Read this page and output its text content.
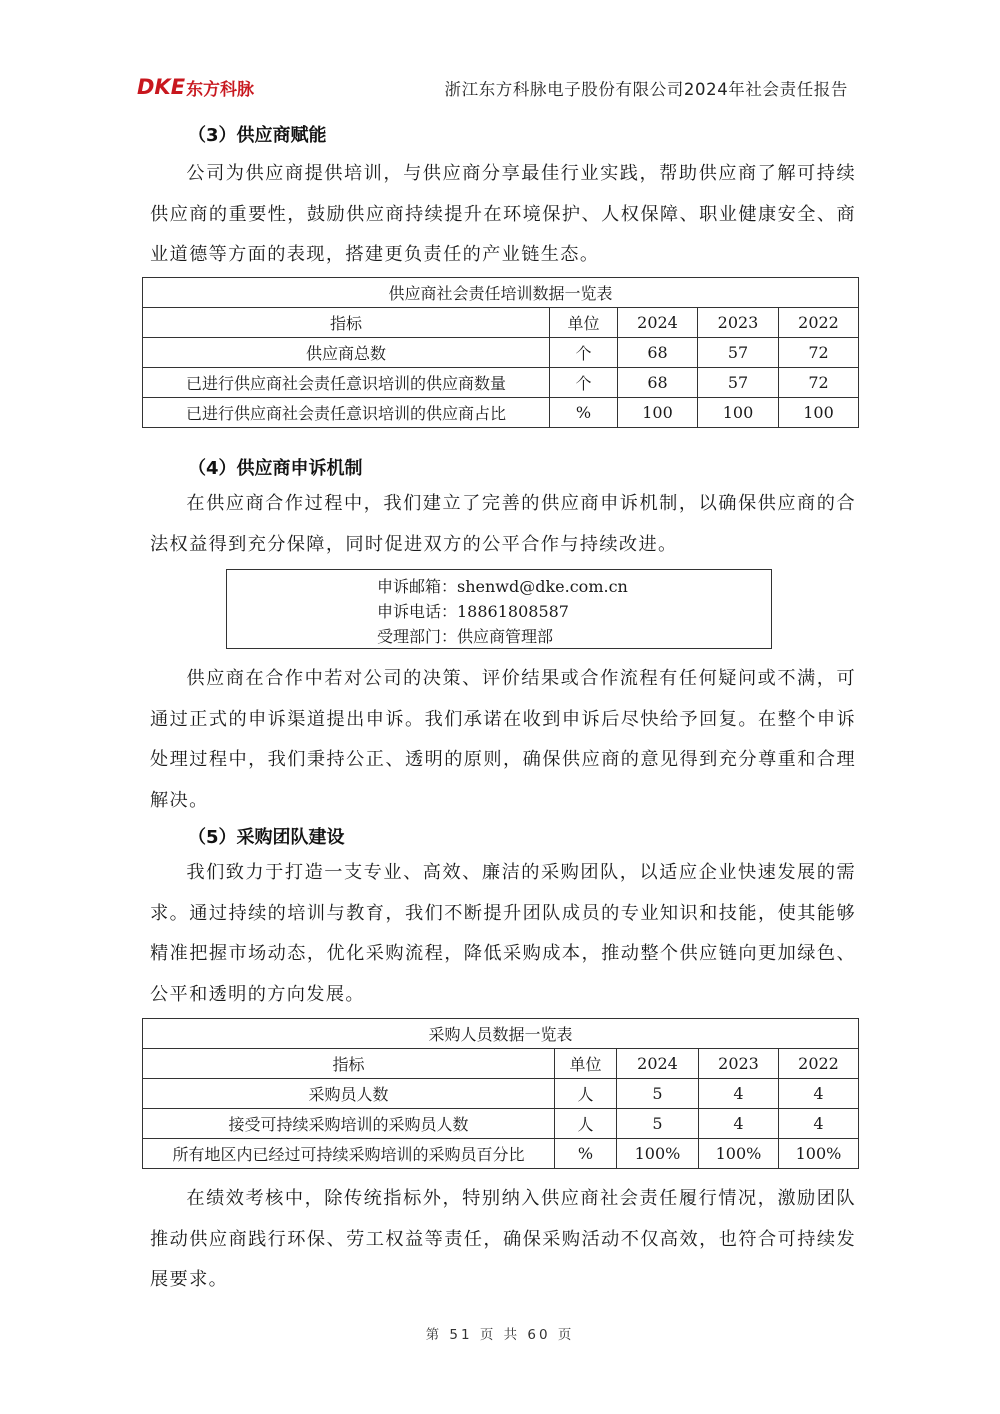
DKE 东方科脉	浙江东方科脉电子股份有限公司2024年社会责任报告
（3）供应商赋能

公司为供应商提供培训，与供应商分享最佳行业实践，帮助供应商了解可持续供应商的重要性，鼓励供应商持续提升在环境保护、人权保障、职业健康安全、商业道德等方面的表现，搭建更负责任的产业链生态。

供应商社会责任培训数据一览表				
指标	单位	2024	2023	2022
供应商总数	个	68	57	72
已进行供应商社会责任意识培训的供应商数量	个	68	57	72
已进行供应商社会责任意识培训的供应商占比	%	100	100	100
（4）供应商申诉机制

在供应商合作过程中，我们建立了完善的供应商申诉机制，以确保供应商的合法权益得到充分保障，同时促进双方的公平合作与持续改进。

申诉邮箱：shenwd@dke.com.cn
申诉电话：18861808587
受理部门：供应商管理部

供应商在合作中若对公司的决策、评价结果或合作流程有任何疑问或不满，可通过正式的申诉渠道提出申诉。我们承诺在收到申诉后尽快给予回复。在整个申诉处理过程中，我们秉持公正、透明的原则，确保供应商的意见得到充分尊重和合理解决。

（5）采购团队建设

我们致力于打造一支专业、高效、廉洁的采购团队，以适应企业快速发展的需求。通过持续的培训与教育，我们不断提升团队成员的专业知识和技能，使其能够精准把握市场动态，优化采购流程，降低采购成本，推动整个供应链向更加绿色、公平和透明的方向发展。

采购人员数据一览表				
指标	单位	2024	2023	2022
采购员人数	人	5	4	4
接受可持续采购培训的采购员人数	人	5	4	4
所有地区内已经过可持续采购培训的采购员百分比	%	100%	100%	100%

在绩效考核中，除传统指标外，特别纳入供应商社会责任履行情况，激励团队推动供应商践行环保、劳工权益等责任，确保采购活动不仅高效，也符合可持续发展要求。

第 51 页 共 60 页
